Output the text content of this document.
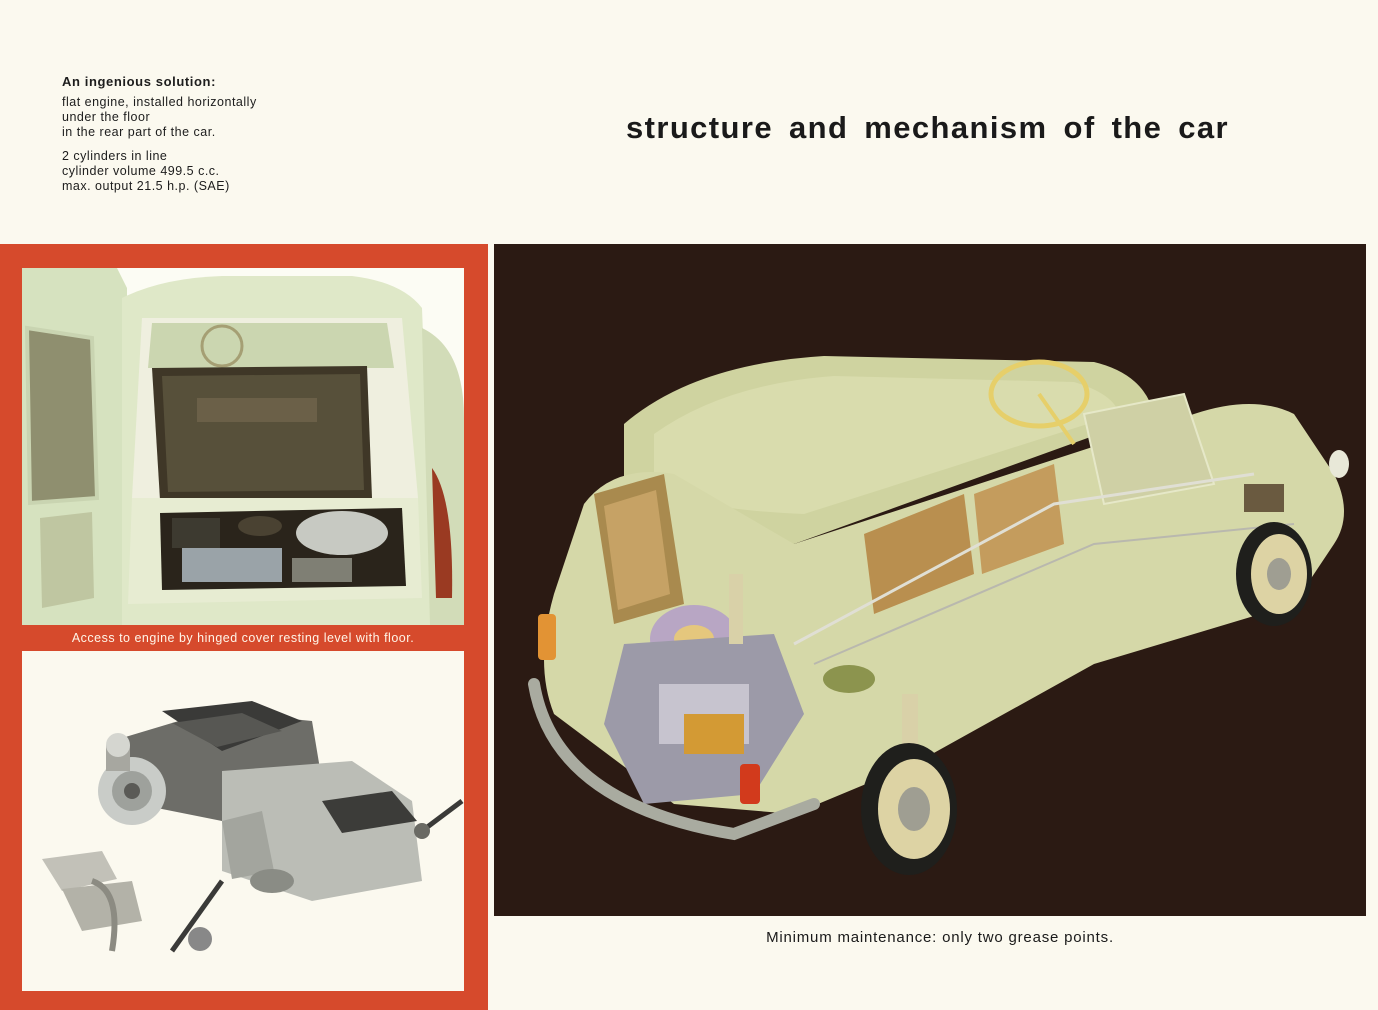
An ingenious solution:

flat engine, installed horizontally
under the floor
in the rear part of the car.

2 cylinders in line
cylinder volume 499.5 c.c.
max. output 21.5 h.p. (SAE)

structure and mechanism of the car
Access to engine by hinged cover resting level with floor.
Minimum maintenance: only two grease points.
